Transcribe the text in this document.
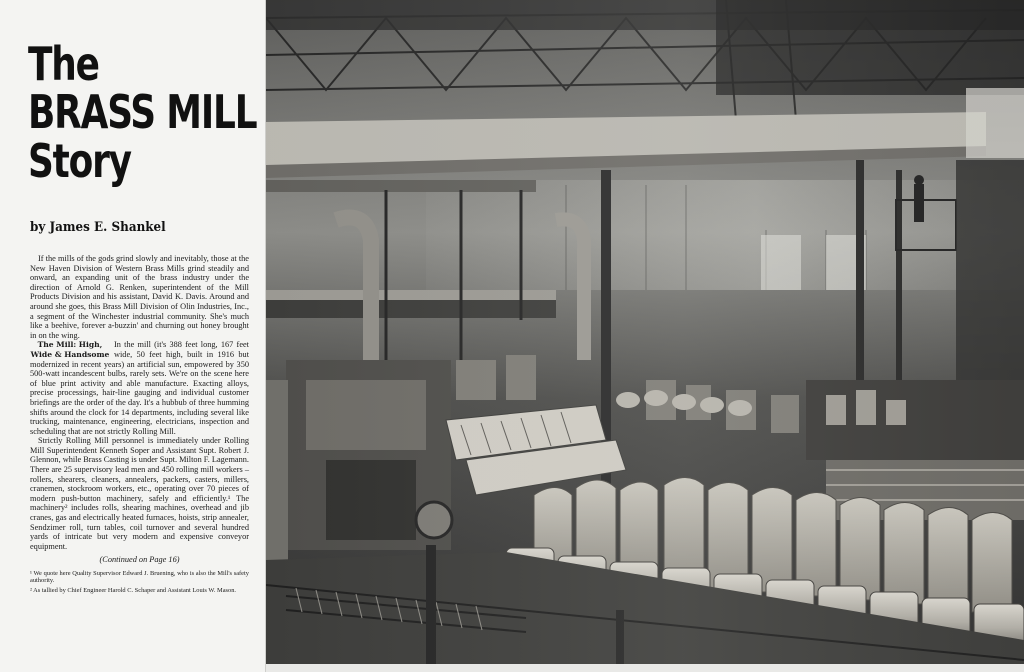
The
BRASS MILL
Story
by James E. Shankel

If the mills of the gods grind slowly and inevitably, those at the New Haven Division of Western Brass Mills grind steadily and onward, an expanding unit of the brass industry under the direction of Arnold G. Renken, superintendent of the Mill Products Division and his assistant, David K. Davis. Around and around she goes, this Brass Mill Division of Olin Industries, Inc., a segment of the Winchester industrial community. She's much like a beehive, forever a-buzzin' and churning out honey brought in on the wing.

The Mill: High,
Wide & Handsome

In the mill (it's 388 feet long, 167 feet wide, 50 feet high, built in 1916 but modernized in recent years) an artificial sun, empowered by 350 500-watt incandescent bulbs, rarely sets. We're on the scene here of blue print activity and able manufacture. Exacting alloys, precise processings, hair-line gauging and individual customer briefings are the order of the day. It's a hubbub of three humming shifts around the clock for 14 departments, including several like trucking, maintenance, engineering, electricians, inspection and scheduling that are not strictly Rolling Mill.

Strictly Rolling Mill personnel is immediately under Rolling Mill Superintendent Kenneth Soper and Assistant Supt. Robert J. Glennon, while Brass Casting is under Supt. Milton F. Lagemann. There are 25 supervisory lead men and 450 rolling mill workers – rollers, shearers, cleaners, annealers, packers, casters, millers, cranemen, stockroom workers, etc., operating over 70 pieces of modern push-button machinery, safely and efficiently.¹ The machinery² includes rolls, shearing machines, overhead and jib cranes, gas and electrically heated furnaces, hoists, strip annealer, Sendzimer roll, turn tables, coil turnover and several hundred yards of intricate but very modern and expensive conveyor equipment.

(Continued on Page 16)

¹ We quote here Quality Supervisor Edward J. Bruening, who is also the Mill's safety authority.

² As tallied by Chief Engineer Harold C. Schaper and Assistant Louis W. Mason.
